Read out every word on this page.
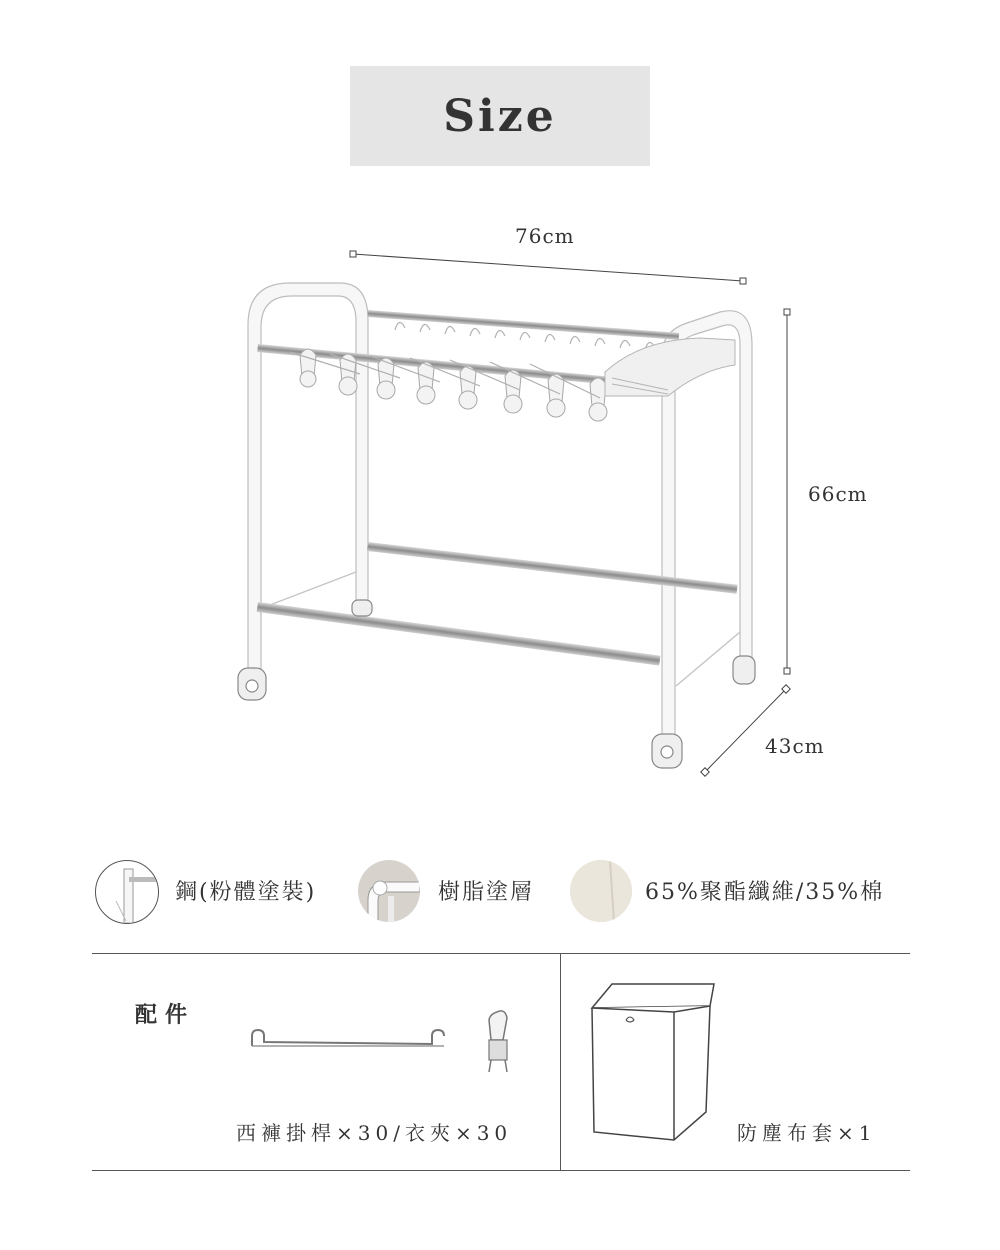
Size
76cm
66cm
43cm
鋼(粉體塗裝)	樹脂塗層	65%聚酯纖維/35%棉
配件
西褲掛桿×30/衣夾×30	防塵布套×1
